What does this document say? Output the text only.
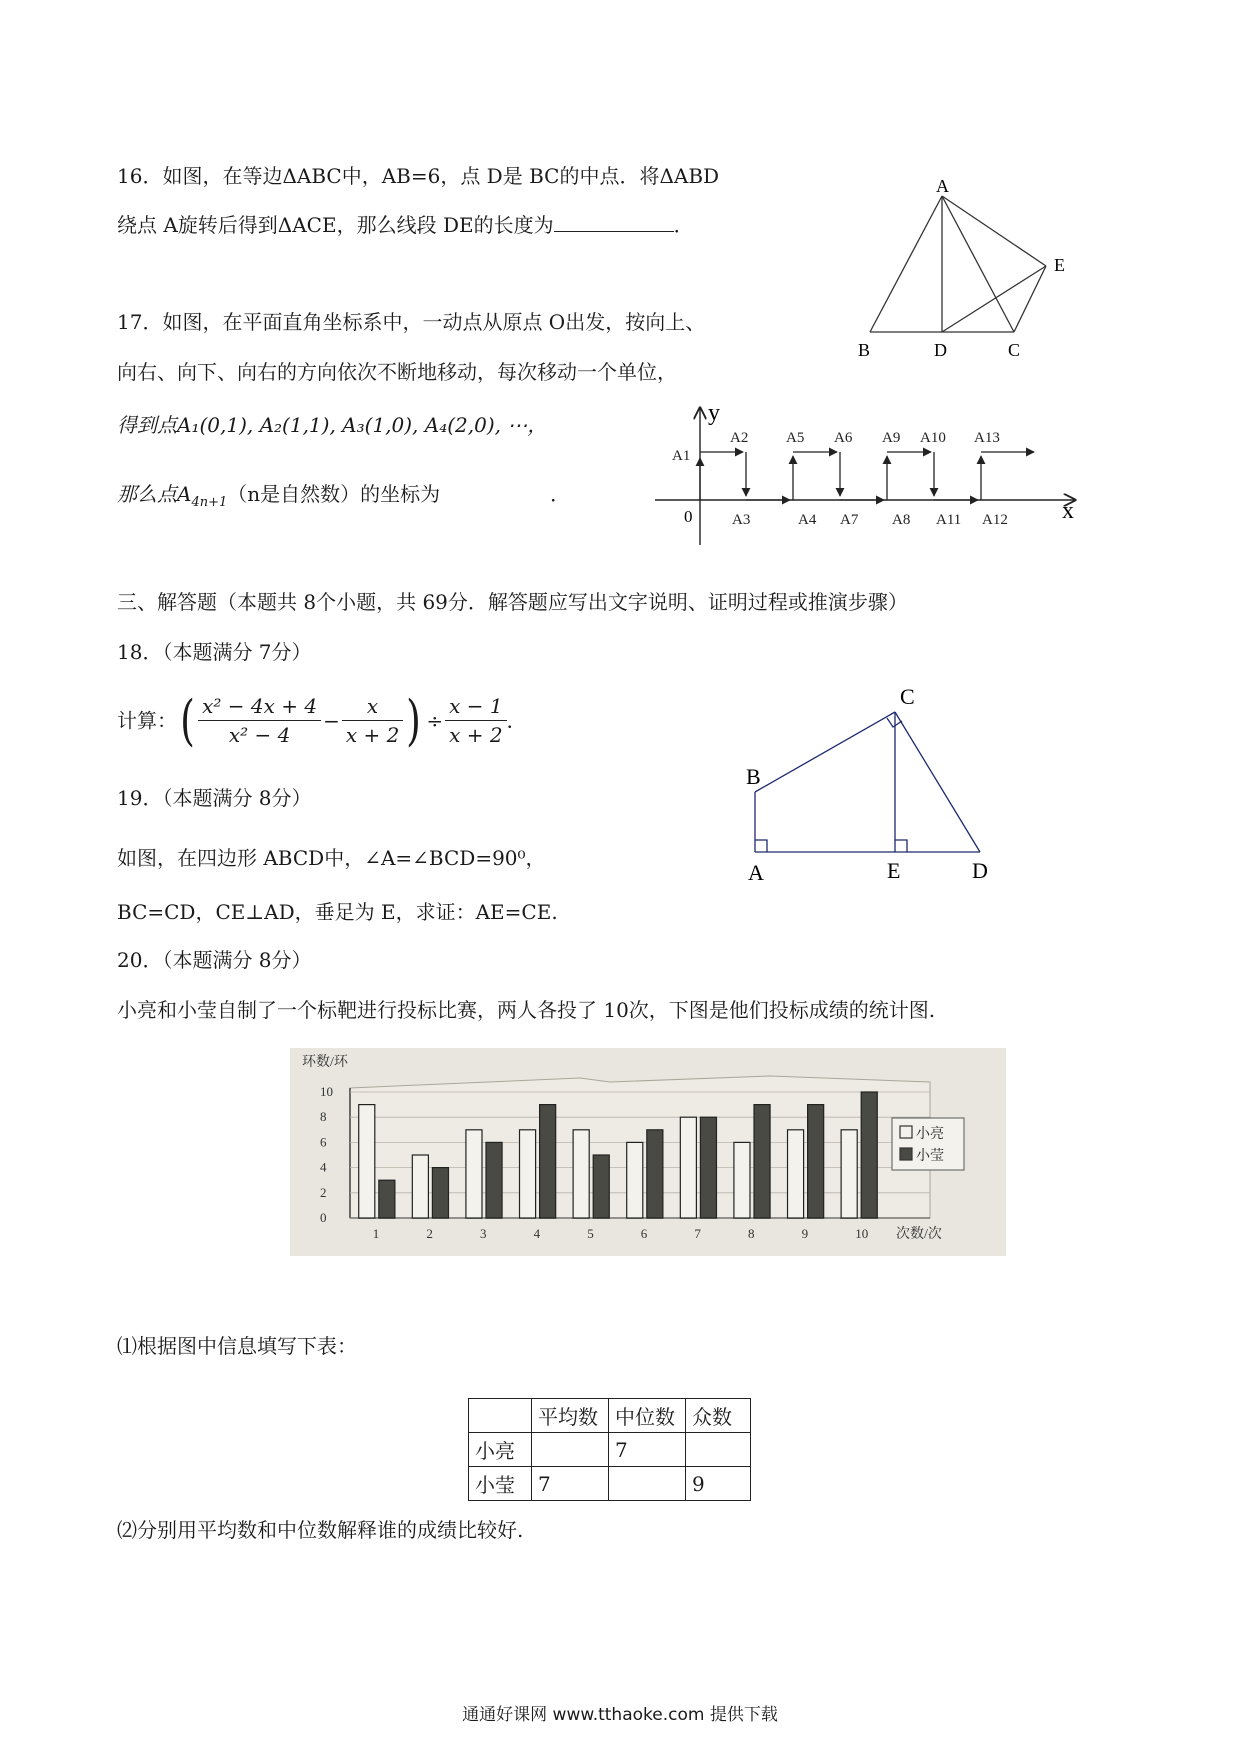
16．如图，在等边ΔABC中，AB=6，点 D是 BC的中点．将ΔABD
绕点 A旋转后得到ΔACE，那么线段 DE的长度为	．
A
B	D	C
E
17．如图，在平面直角坐标系中，一动点从原点 O出发，按向上、
向右、向下、向右的方向依次不断地移动，每次移动一个单位，
得到点A₁(0,1), A₂(1,1), A₃(1,0), A₄(2,0), ⋯，
那么点$A_{4n+1}(n$是自然数）的坐标为	．
y
x
0
A1
A2
A3	A4
A5 A6
A7 A8
A9 A10
A11 A12
A13
三、解答题（本题共 8个小题，共 69分．解答题应写出文字说明、证明过程或推演步骤）
18．（本题满分 7分）
计算：( $\frac{\text{x² − 4x + 4}}{\text{x² − 4}} - \frac{x}{x + 2}$ ) ÷ $\frac{x - 1}{x + 2}$ ．
B
C
A	E	D
19．（本题满分 8分）
如图，在四边形 ABCD中，∠A=∠BCD=90⁰，
BC=CD，CE⊥AD，垂足为 E，求证：AE=CE.
20．（本题满分 8分）
小亮和小莹自制了一个标靶进行投标比赛，两人各投了 10次，下图是他们投标成绩的统计图.
0
2
4
6
8
10
1	2	3	4	5	6	7	8	9	10
环数/环
次数/次
小亮
小莹
⑴根据图中信息填写下表：
	平均数	中位数	众数
小亮		7	
小莹	7		9
⑵分别用平均数和中位数解释谁的成绩比较好.
通通好课网 www.tthaoke.com 提供下载
